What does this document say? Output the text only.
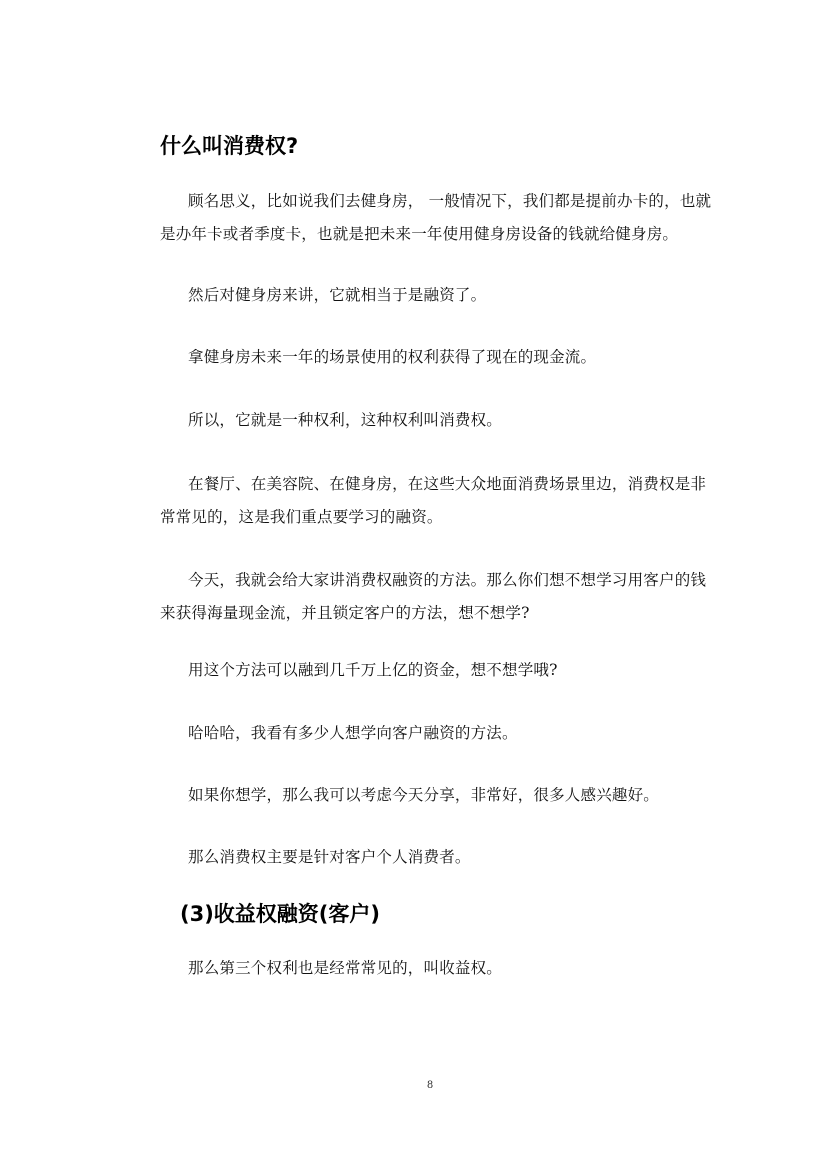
什么叫消费权?
顾名思义，比如说我们去健身房， 一般情况下，我们都是提前办卡的，也就
是办年卡或者季度卡，也就是把未来一年使用健身房设备的钱就给健身房。
然后对健身房来讲，它就相当于是融资了。
拿健身房未来一年的场景使用的权利获得了现在的现金流。
所以，它就是一种权利，这种权利叫消费权。
在餐厅、在美容院、在健身房，在这些大众地面消费场景里边，消费权是非
常常见的，这是我们重点要学习的融资。
今天，我就会给大家讲消费权融资的方法。那么你们想不想学习用客户的钱
来获得海量现金流，并且锁定客户的方法，想不想学?
用这个方法可以融到几千万上亿的资金，想不想学哦?
哈哈哈，我看有多少人想学向客户融资的方法。
如果你想学，那么我可以考虑今天分享，非常好，很多人感兴趣好。
那么消费权主要是针对客户个人消费者。
(3)收益权融资(客户)
那么第三个权利也是经常常见的，叫收益权。
8
